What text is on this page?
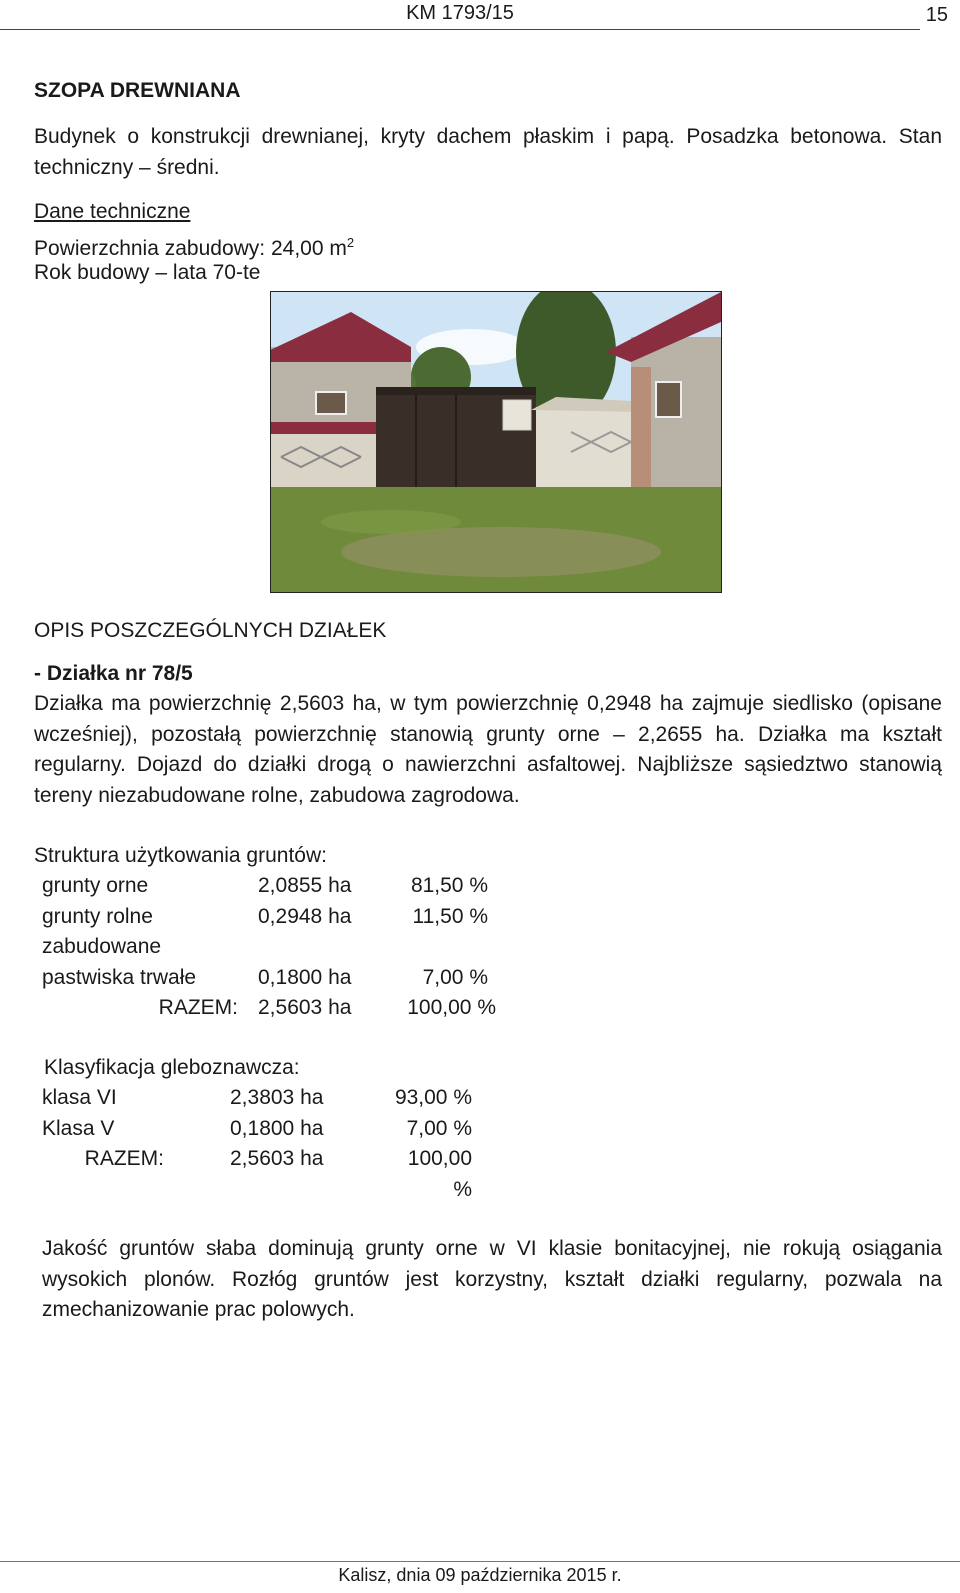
KM 1793/15	15
SZOPA DREWNIANA
Budynek o konstrukcji drewnianej, kryty dachem płaskim i papą. Posadzka betonowa. Stan techniczny – średni.
Dane techniczne
Powierzchnia zabudowy: 24,00 $m^2$
Rok budowy – lata 70-te
OPIS POSZCZEGÓLNYCH DZIAŁEK
- Działka nr 78/5
Działka ma powierzchnię 2,5603 ha, w tym powierzchnię 0,2948 ha zajmuje siedlisko (opisane wcześniej), pozostałą powierzchnię stanowią grunty orne – 2,2655 ha. Działka ma kształt regularny. Dojazd do działki drogą o nawierzchni asfaltowej. Najbliższe sąsiedztwo stanowią tereny niezabudowane rolne, zabudowa zagrodowa.
Struktura użytkowania gruntów:
grunty orne	2,0855 ha	81,50 %
grunty rolne	0,2948 ha	11,50 %
zabudowane		
pastwiska trwałe	0,1800 ha	7,00 %
RAZEM:	2,5603 ha	100,00 %
Klasyfikacja gleboznawcza:
klasa VI	2,3803 ha	93,00 %
Klasa V	0,1800 ha	7,00 %
RAZEM:	2,5603 ha	100,00
		%
Jakość gruntów słaba dominują grunty orne w VI klasie bonitacyjnej, nie rokują osiągania wysokich plonów. Rozłóg gruntów jest korzystny, kształt działki regularny, pozwala na zmechanizowanie prac polowych.
Kalisz, dnia 09 października 2015 r.
